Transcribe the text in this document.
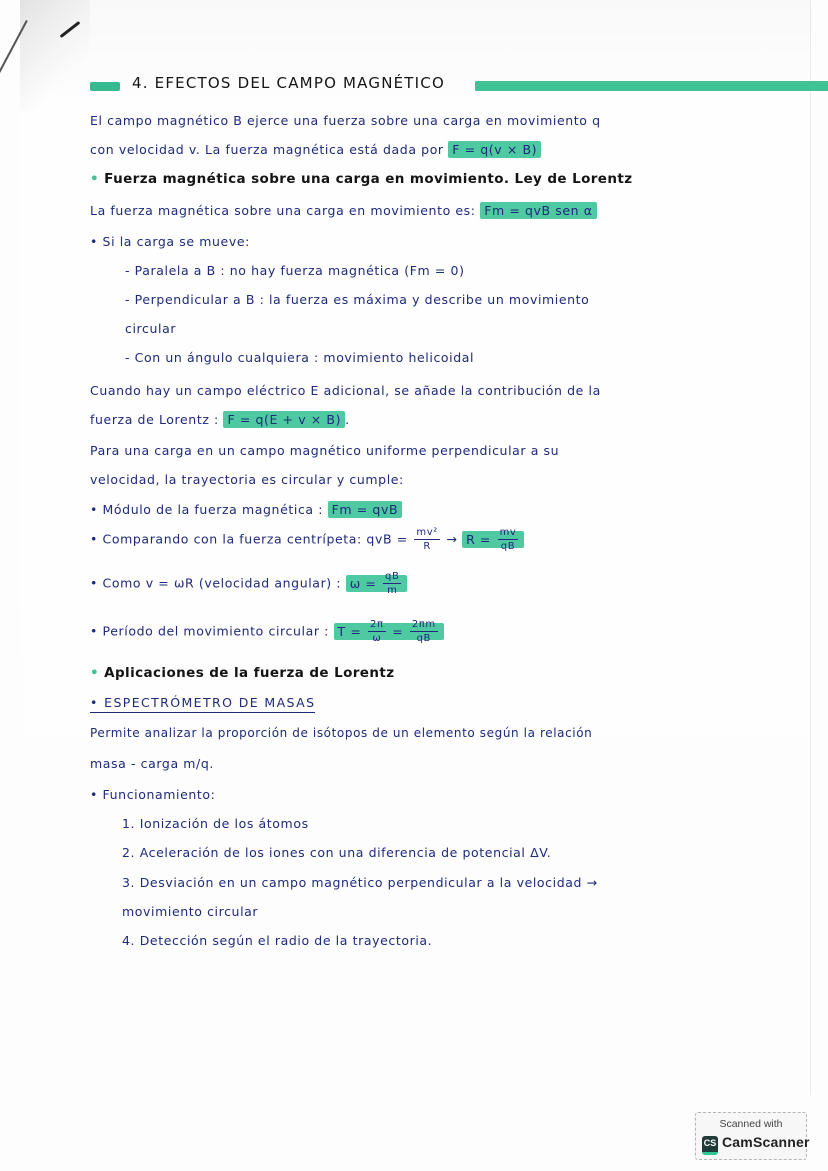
4. EFECTOS DEL CAMPO MAGNÉTICO
El campo magnético B ejerce una fuerza sobre una carga en movimiento q
con velocidad v. La fuerza magnética está dada por F = q(v × B)
• Fuerza magnética sobre una carga en movimiento. Ley de Lorentz
La fuerza magnética sobre una carga en movimiento es: Fm = qvB sen α
• Si la carga se mueve:
- Paralela a B : no hay fuerza magnética (Fm = 0)
- Perpendicular a B : la fuerza es máxima y describe un movimiento
circular
- Con un ángulo cualquiera : movimiento helicoidal
Cuando hay un campo eléctrico E adicional, se añade la contribución de la
fuerza de Lorentz : F = q(E + v × B) .
Para una carga en un campo magnético uniforme perpendicular a su
velocidad, la trayectoria es circular y cumple:
• Módulo de la fuerza magnética : Fm = qvB
• Comparando con la fuerza centrípeta: qvB = $\frac{\text{mv²}}{R} \to R = \frac{mv}{qB}$
• Como v = ωR (velocidad angular) : $\omega = \frac{qB}{m}$
• Período del movimiento circular : $T = \frac{2\pi}{\omega} = \frac{2\pi m}{qB}$
• Aplicaciones de la fuerza de Lorentz
• ESPECTRÓMETRO DE MASAS
Permite analizar la proporción de isótopos de un elemento según la relación
masa - carga m/q.
• Funcionamiento:
1. Ionización de los átomos
2. Aceleración de los iones con una diferencia de potencial ΔV.
3. Desviación en un campo magnético perpendicular a la velocidad →
movimiento circular
4. Detección según el radio de la trayectoria.
Scanned with
CS CamScanner
